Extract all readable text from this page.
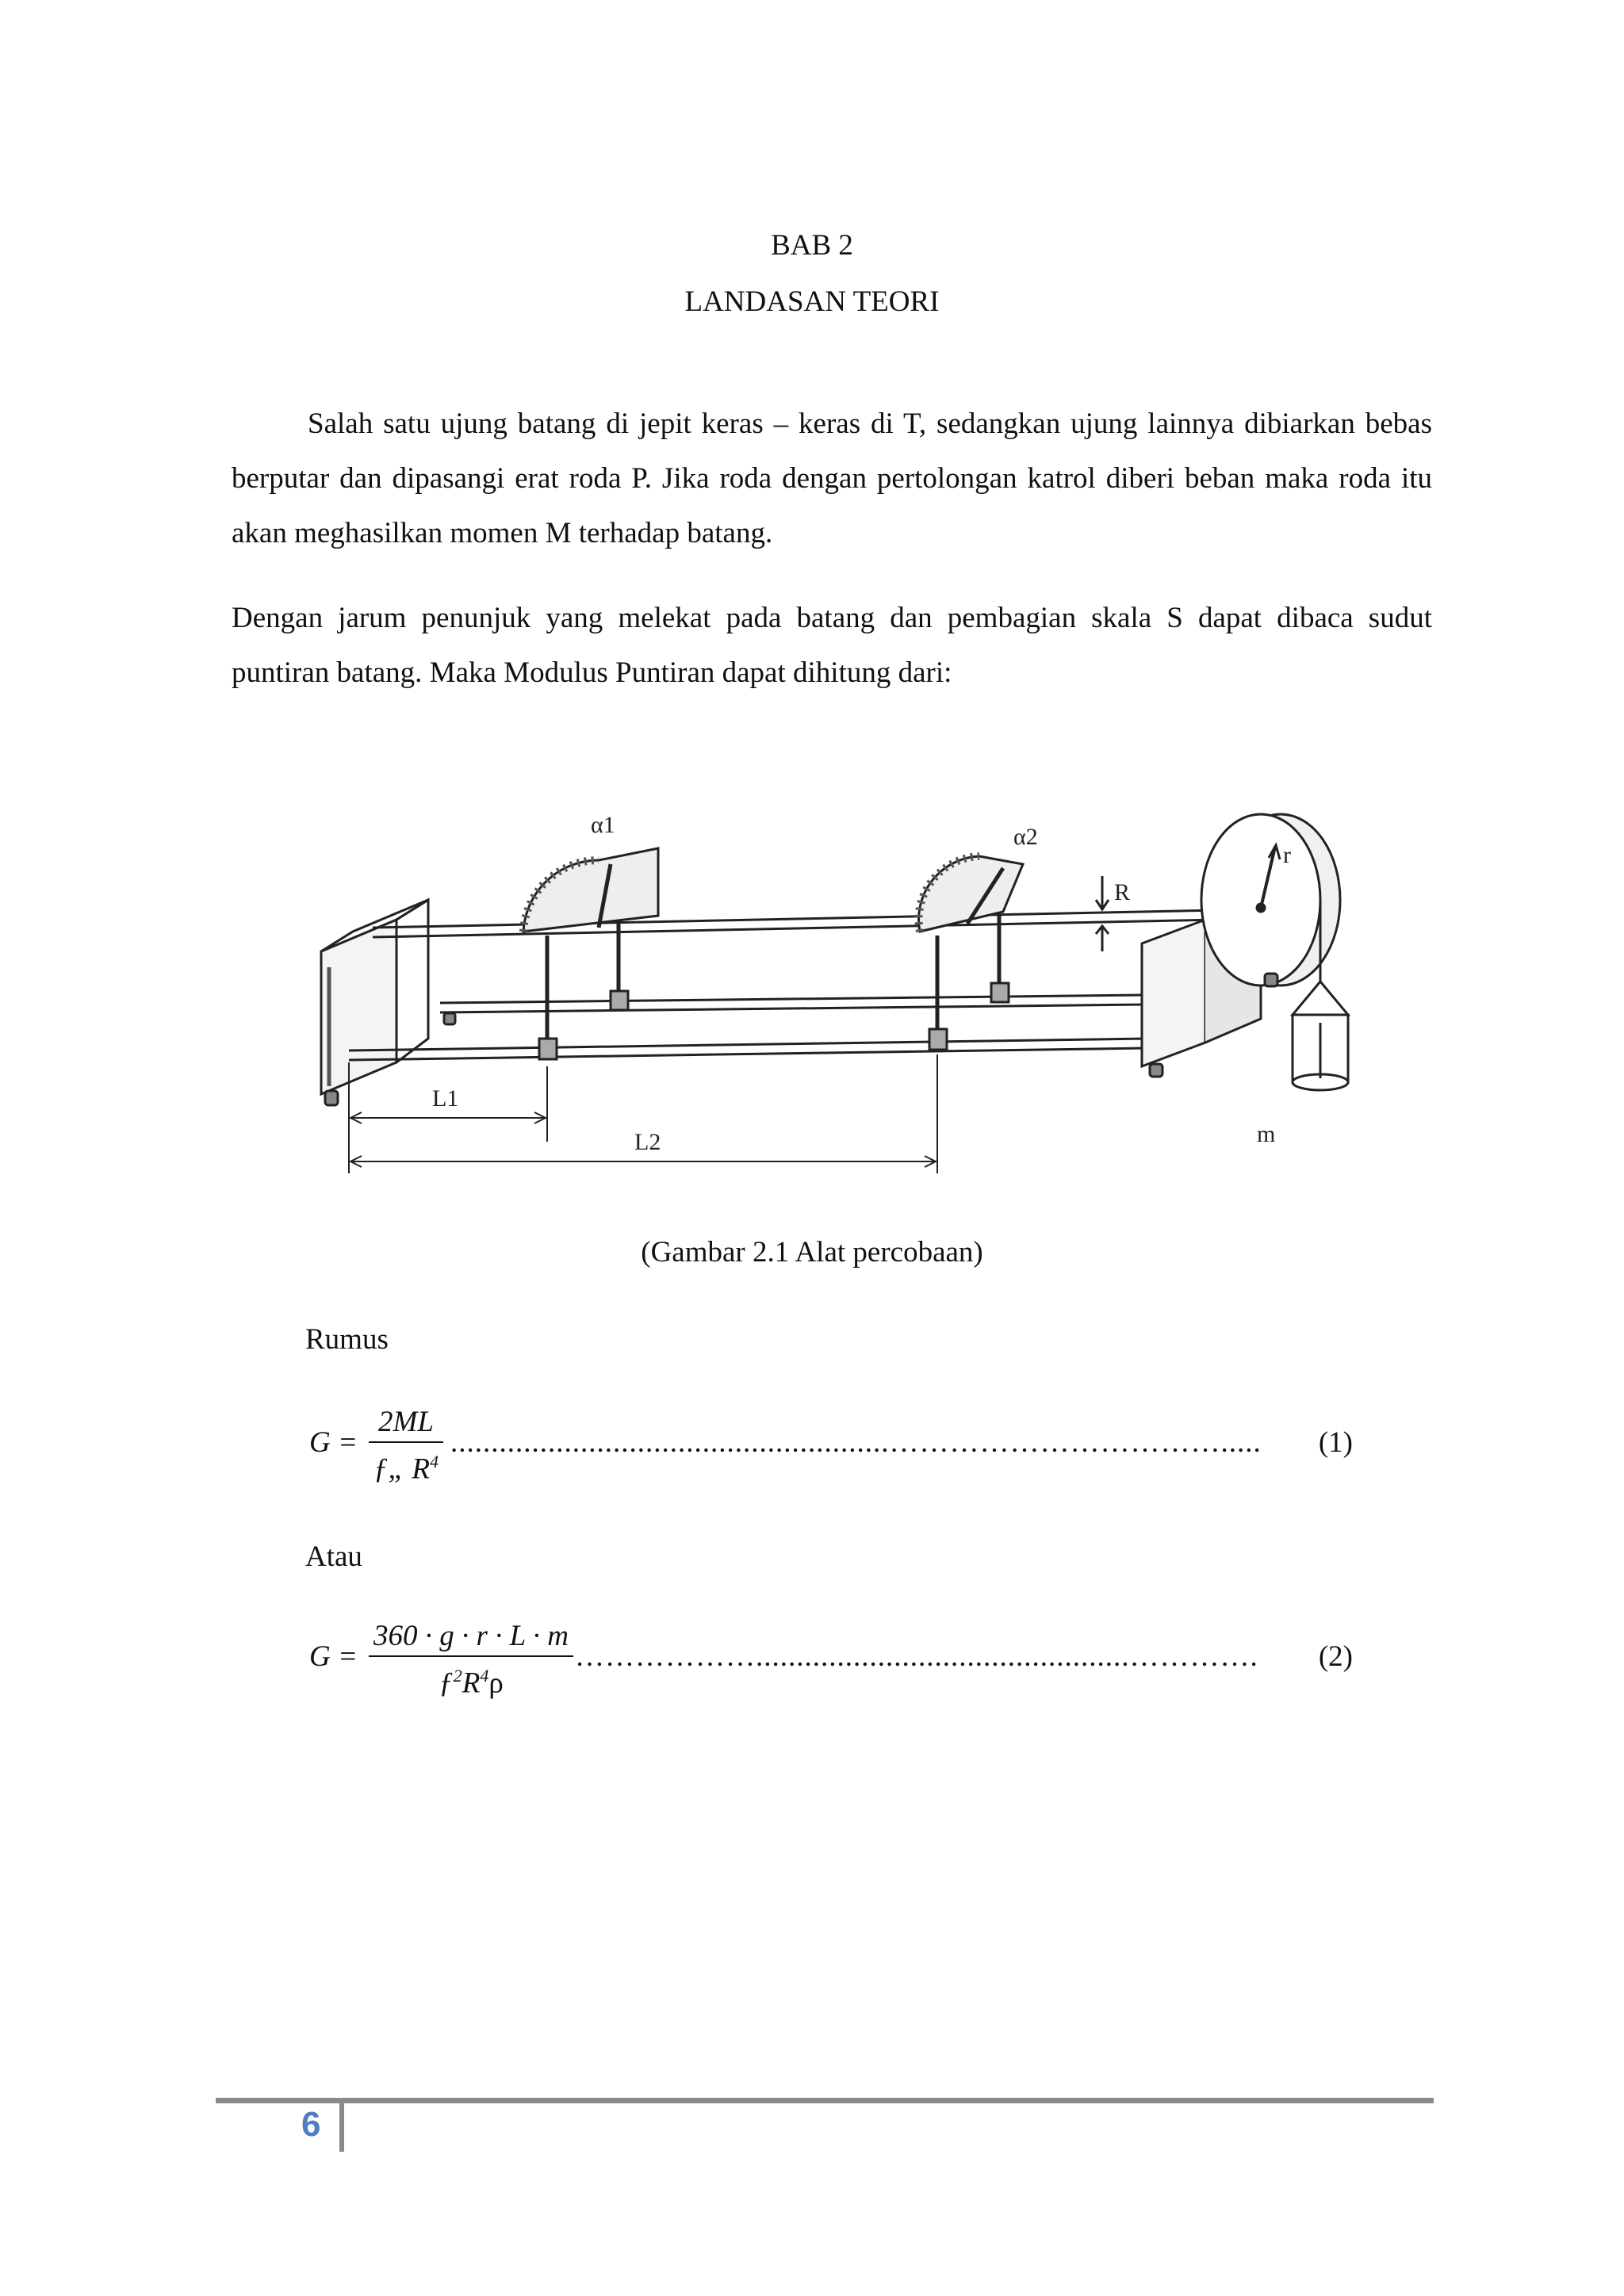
BAB 2
LANDASAN TEORI

Salah satu ujung batang di jepit keras – keras di T, sedangkan ujung lainnya dibiarkan bebas berputar dan dipasangi erat roda P. Jika roda dengan pertolongan katrol diberi beban maka roda itu akan meghasilkan momen M terhadap batang.

Dengan jarum penunjuk yang melekat pada batang dan pembagian skala S dapat dibaca sudut puntiran batang. Maka Modulus Puntiran dapat dihitung dari:

α1	α2
R
r
L1
L2	m
(Gambar 2.1 Alat percobaan)
Rumus
G =
2ML
ƒ„ $R^4$
......................................................…………………………….....	(1)
Atau
G =
360 · g · r · L · m
$ƒ^2R^4\rho$
………………..............................................………….	(2)
6
